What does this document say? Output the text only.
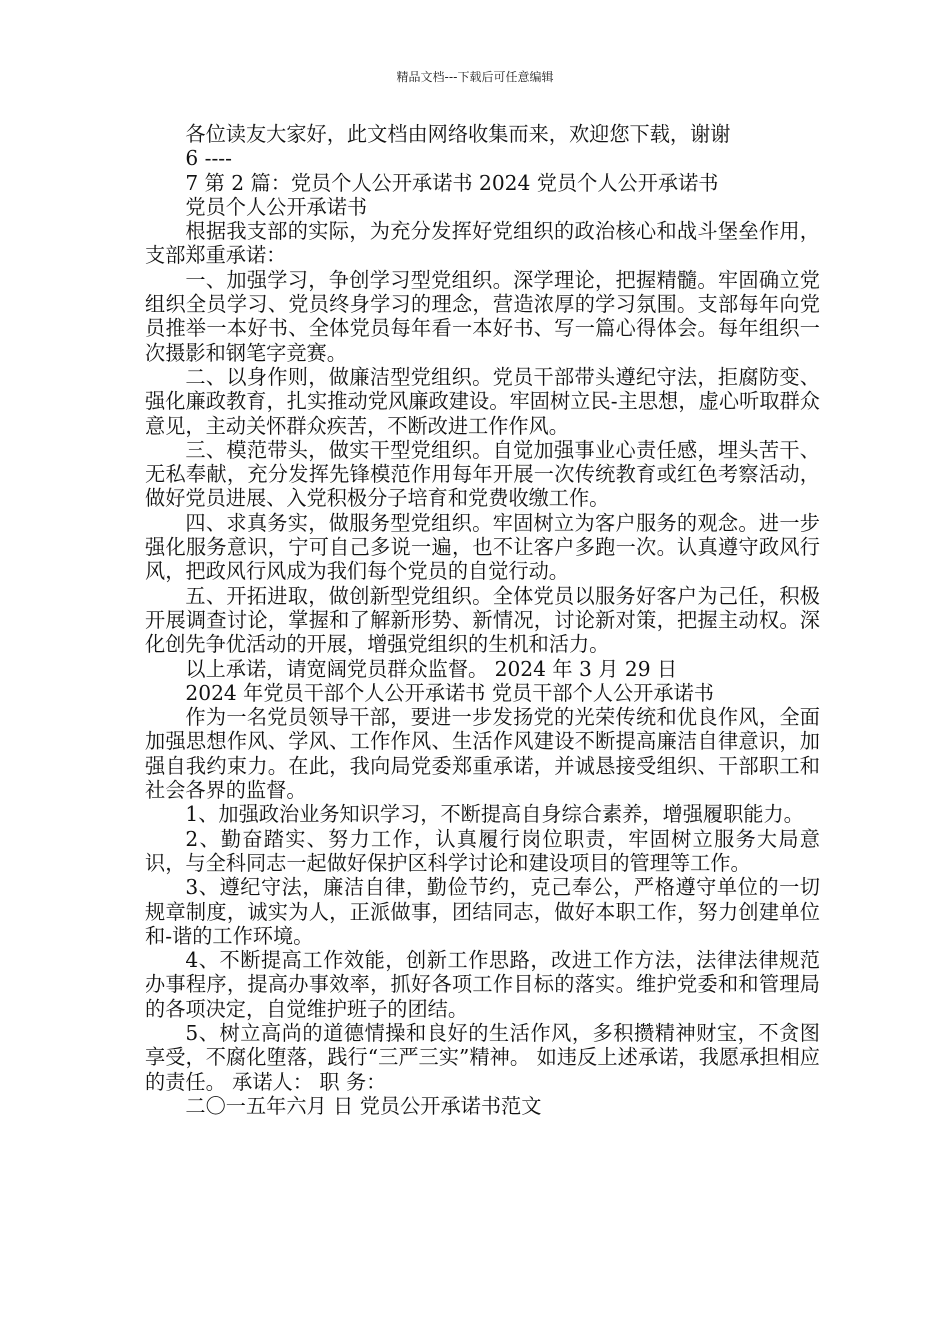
精品文档---下载后可任意编辑

各位读友大家好，此文档由网络收集而来，欢迎您下载，谢谢

6 ----

7 第 2 篇：党员个人公开承诺书 2024 党员个人公开承诺书

党员个人公开承诺书

根据我支部的实际，为充分发挥好党组织的政治核心和战斗堡垒作用，支部郑重承诺：

一、加强学习，争创学习型党组织。深学理论，把握精髓。牢固确立党组织全员学习、党员终身学习的理念，营造浓厚的学习氛围。支部每年向党员推举一本好书、全体党员每年看一本好书、写一篇心得体会。每年组织一次摄影和钢笔字竞赛。

二、以身作则，做廉洁型党组织。党员干部带头遵纪守法，拒腐防变、强化廉政教育，扎实推动党风廉政建设。牢固树立民-主思想，虚心听取群众意见，主动关怀群众疾苦，不断改进工作作风。

三、模范带头，做实干型党组织。自觉加强事业心责任感，埋头苦干、无私奉献，充分发挥先锋模范作用每年开展一次传统教育或红色考察活动，做好党员进展、入党积极分子培育和党费收缴工作。

四、求真务实，做服务型党组织。牢固树立为客户服务的观念。进一步强化服务意识，宁可自己多说一遍，也不让客户多跑一次。认真遵守政风行风，把政风行风成为我们每个党员的自觉行动。

五、开拓进取，做创新型党组织。全体党员以服务好客户为己任，积极开展调查讨论，掌握和了解新形势、新情况，讨论新对策，把握主动权。深化创先争优活动的开展，增强党组织的生机和活力。

以上承诺，请宽阔党员群众监督。 2024 年 3 月 29 日

2024 年党员干部个人公开承诺书 党员干部个人公开承诺书

作为一名党员领导干部，要进一步发扬党的光荣传统和优良作风，全面加强思想作风、学风、工作作风、生活作风建设不断提高廉洁自律意识，加强自我约束力。在此，我向局党委郑重承诺，并诚恳接受组织、干部职工和社会各界的监督。

1、加强政治业务知识学习，不断提高自身综合素养，增强履职能力。

2、勤奋踏实、努力工作，认真履行岗位职责，牢固树立服务大局意识，与全科同志一起做好保护区科学讨论和建设项目的管理等工作。

3、遵纪守法，廉洁自律，勤俭节约，克己奉公，严格遵守单位的一切规章制度，诚实为人，正派做事，团结同志，做好本职工作，努力创建单位和-谐的工作环境。

4、不断提高工作效能，创新工作思路，改进工作方法，法律法律规范办事程序，提高办事效率，抓好各项工作目标的落实。维护党委和和管理局的各项决定，自觉维护班子的团结。

5、树立高尚的道德情操和良好的生活作风，多积攒精神财宝，不贪图享受，不腐化堕落，践行“三严三实”精神。 如违反上述承诺，我愿承担相应的责任。 承诺人： 职 务：

二〇一五年六月 日 党员公开承诺书范文
